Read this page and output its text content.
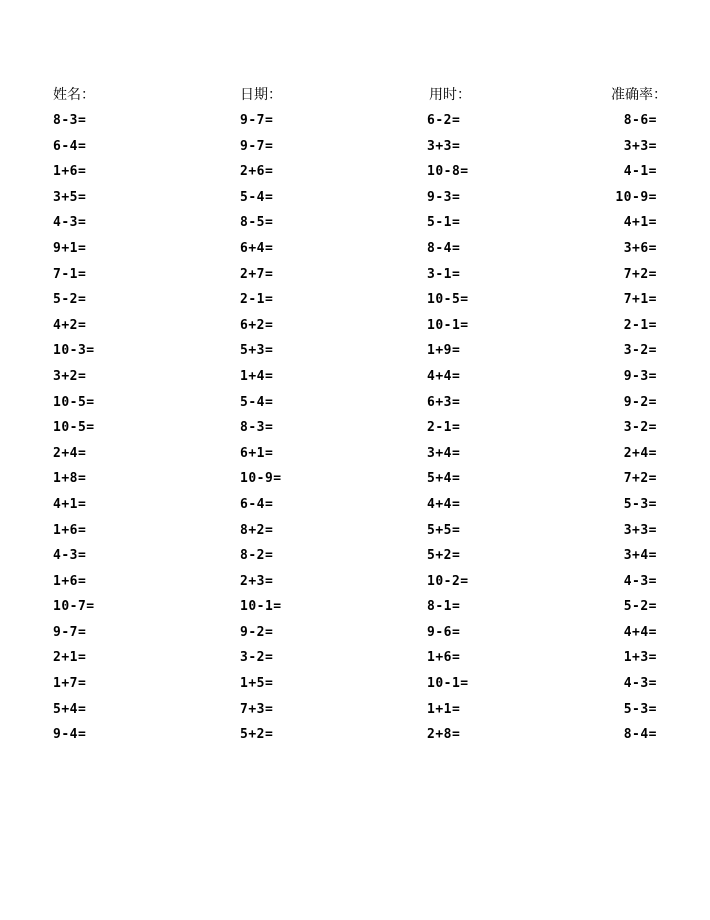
姓名：	日期：	用时：	准确率：
8-3=	9-7=	6-2=	8-6=
6-4=	9-7=	3+3=	3+3=
1+6=	2+6=	10-8=	4-1=
3+5=	5-4=	9-3=	10-9=
4-3=	8-5=	5-1=	4+1=
9+1=	6+4=	8-4=	3+6=
7-1=	2+7=	3-1=	7+2=
5-2=	2-1=	10-5=	7+1=
4+2=	6+2=	10-1=	2-1=
10-3=	5+3=	1+9=	3-2=
3+2=	1+4=	4+4=	9-3=
10-5=	5-4=	6+3=	9-2=
10-5=	8-3=	2-1=	3-2=
2+4=	6+1=	3+4=	2+4=
1+8=	10-9=	5+4=	7+2=
4+1=	6-4=	4+4=	5-3=
1+6=	8+2=	5+5=	3+3=
4-3=	8-2=	5+2=	3+4=
1+6=	2+3=	10-2=	4-3=
10-7=	10-1=	8-1=	5-2=
9-7=	9-2=	9-6=	4+4=
2+1=	3-2=	1+6=	1+3=
1+7=	1+5=	10-1=	4-3=
5+4=	7+3=	1+1=	5-3=
9-4=	5+2=	2+8=	8-4=
